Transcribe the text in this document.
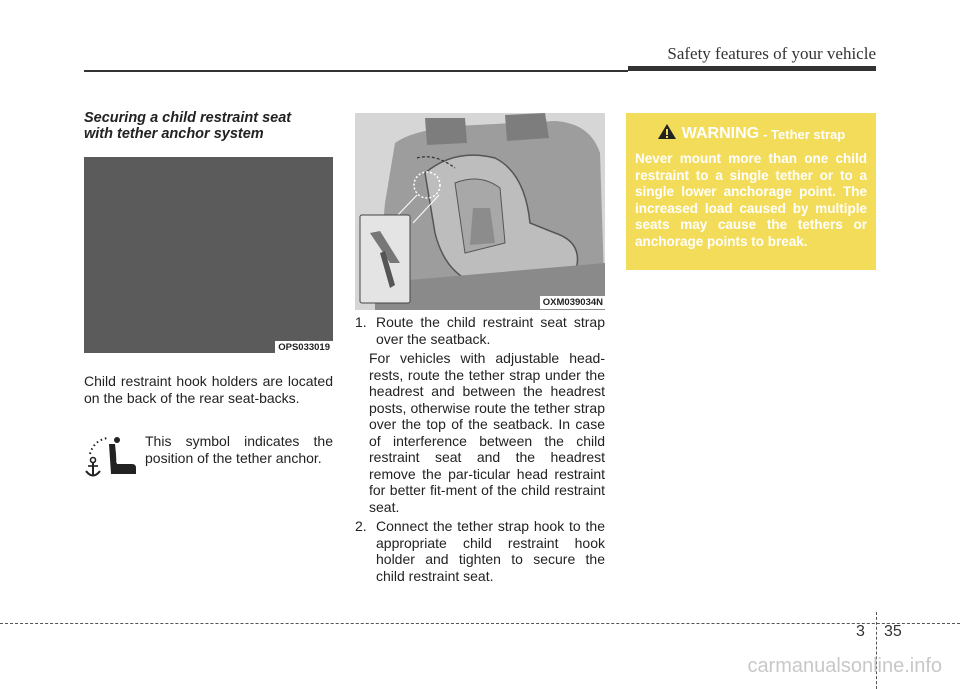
Safety features of your vehicle
Securing a child restraint seat with tether anchor system
OPS033019
Child restraint hook holders are located on the back of the rear seat-backs.
This symbol indicates the position of the tether anchor.
OXM039034N
1. Route the child restraint seat strap over the seatback.
For vehicles with adjustable head-rests, route the tether strap under the headrest and between the headrest posts, otherwise route the tether strap over the top of the seatback. In case of interference between the child restraint seat and the headrest remove the par-ticular head restraint for better fit-ment of the child restraint seat.
2. Connect the tether strap hook to the appropriate child restraint hook holder and tighten to secure the child restraint seat.
WARNING - Tether strap
Never mount more than one child restraint to a single tether or to a single lower anchorage point. The increased load caused by multiple seats may cause the tethers or anchorage points to break.
3 35
carmanualsonline.info
